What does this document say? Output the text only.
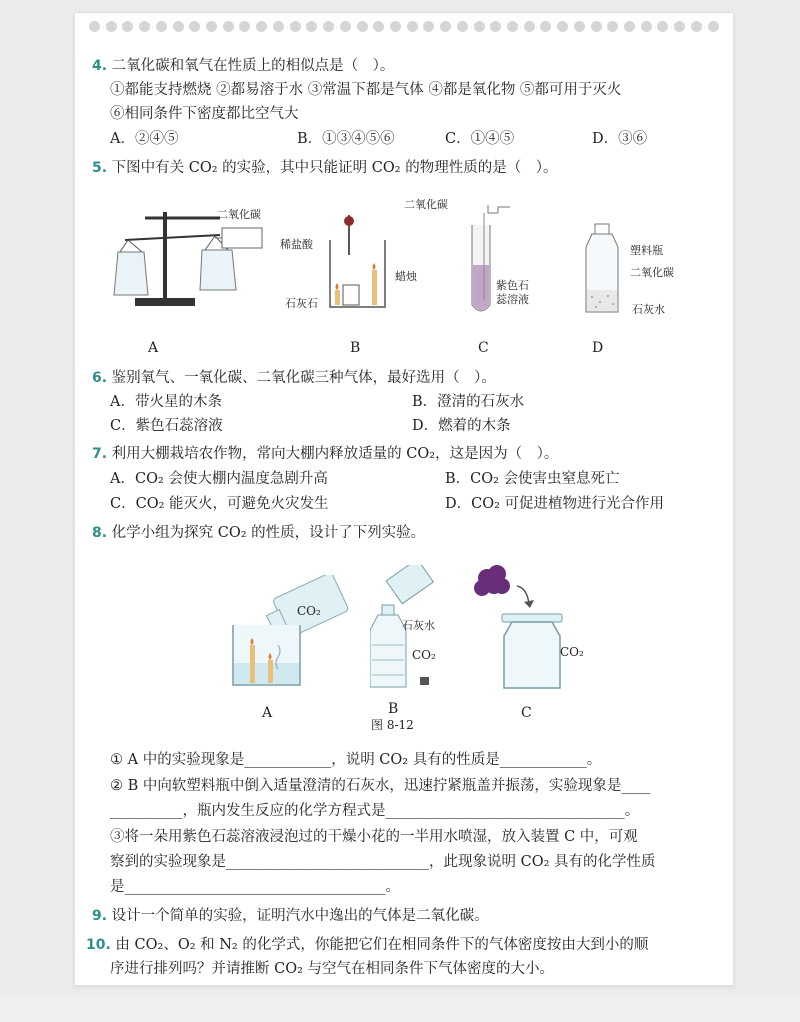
4. 二氧化碳和氧气在性质上的相似点是（　）。
①都能支持燃烧 ②都易溶于水 ③常温下都是气体 ④都是氧化物 ⑤都可用于灭火
⑥相同条件下密度都比空气大
A．②④⑤	B．①③④⑤⑥	C．①④⑤	D．③⑥
5. 下图中有关 CO₂ 的实验，其中只能证明 CO₂ 的物理性质的是（　）。
二氧化碳
稀盐酸
蜡烛
石灰石
二氧化碳
紫色石
蕊溶液
塑料瓶
二氧化碳
石灰水
A	B	C	D
6. 鉴别氧气、一氧化碳、二氧化碳三种气体，最好选用（　）。
A．带火星的木条	B．澄清的石灰水
C．紫色石蕊溶液	D．燃着的木条
7. 利用大棚栽培农作物，常向大棚内释放适量的 CO₂，这是因为（　）。
A．CO₂ 会使大棚内温度急剧升高	B．CO₂ 会使害虫窒息死亡
C．CO₂ 能灭火，可避免火灾发生	D．CO₂ 可促进植物进行光合作用
8. 化学小组为探究 CO₂ 的性质，设计了下列实验。
CO₂
石灰水
CO₂	CO₂
A	B	C
图 8-12
① A 中的实验现象是____________，说明 CO₂ 具有的性质是____________。
② B 中向软塑料瓶中倒入适量澄清的石灰水，迅速拧紧瓶盖并振荡，实验现象是____
__________，瓶内发生反应的化学方程式是_________________________________。
③将一朵用紫色石蕊溶液浸泡过的干燥小花的一半用水喷湿，放入装置 C 中，可观
察到的实验现象是____________________________，此现象说明 CO₂ 具有的化学性质
是____________________________________。
9. 设计一个简单的实验，证明汽水中逸出的气体是二氧化碳。
10. 由 CO₂、O₂ 和 N₂ 的化学式，你能把它们在相同条件下的气体密度按由大到小的顺
序进行排列吗？并请推断 CO₂ 与空气在相同条件下气体密度的大小。
